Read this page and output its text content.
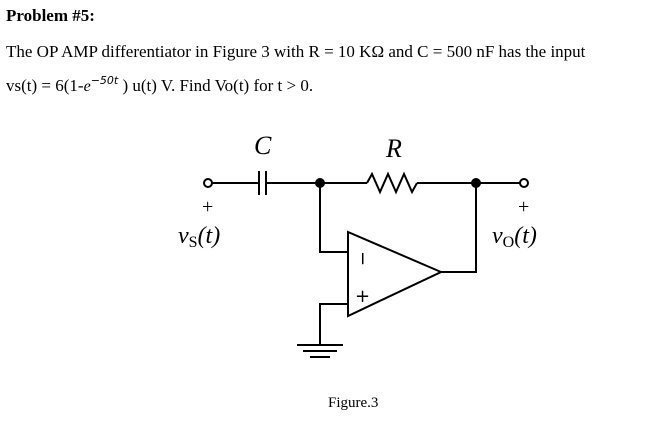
Problem #5:
The OP AMP differentiator in Figure 3 with R = 10 KΩ and C = 500 nF has the input
vs(t) = 6(1-$^{e-50t}$ ) u(t) V. Find Vo(t) for t > 0.
C	R
+
vS(t)
+
vO(t)
−
+
Figure.3
